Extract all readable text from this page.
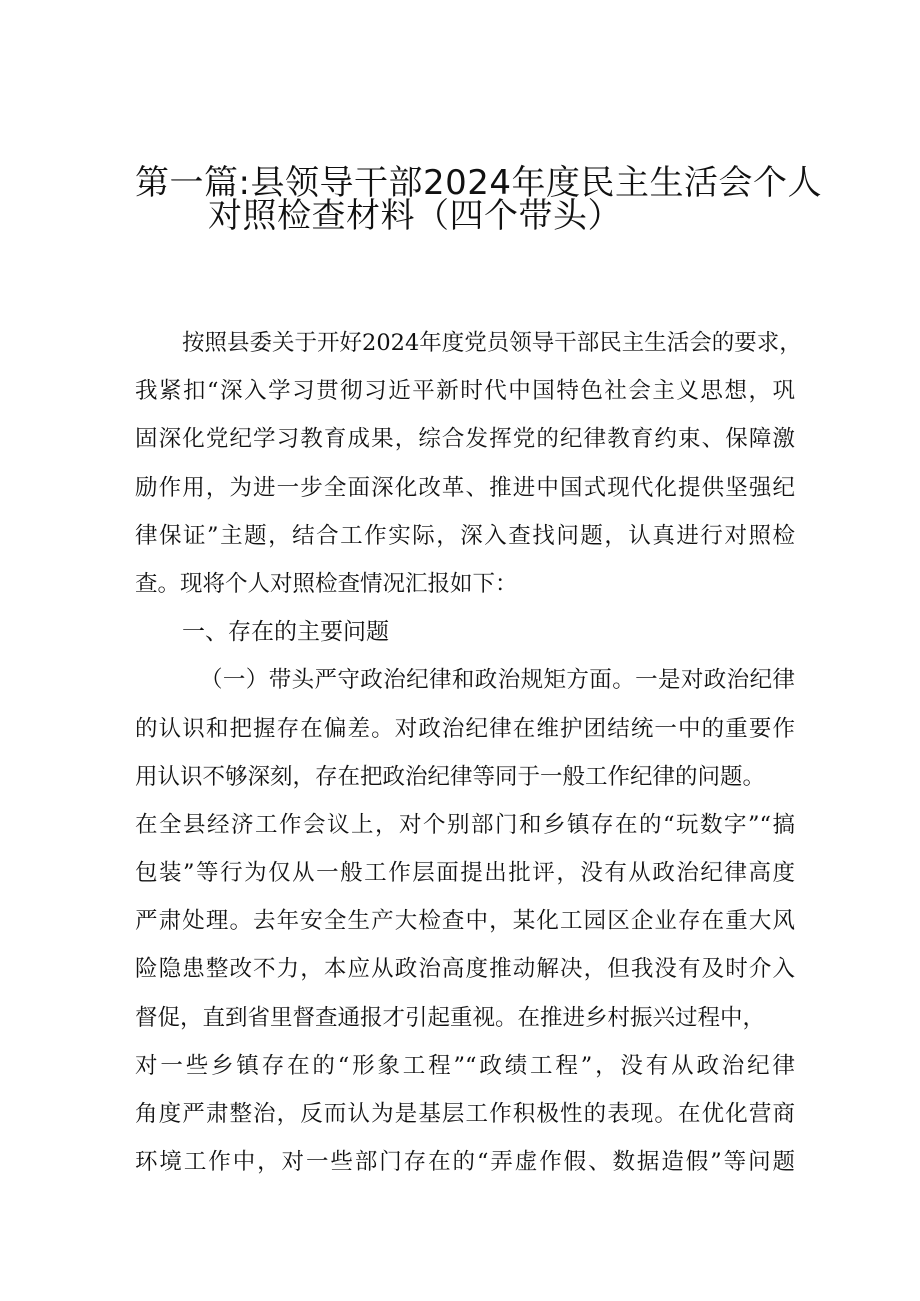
第一篇:县领导干部2024年度民主生活会个人
对照检查材料（四个带头）
按照县委关于开好2024年度党员领导干部民主生活会的要求，
我紧扣“深入学习贯彻习近平新时代中国特色社会主义思想，巩
固深化党纪学习教育成果，综合发挥党的纪律教育约束、保障激
励作用，为进一步全面深化改革、推进中国式现代化提供坚强纪
律保证”主题，结合工作实际，深入查找问题，认真进行对照检
查。现将个人对照检查情况汇报如下：
一、存在的主要问题
（一）带头严守政治纪律和政治规矩方面。一是对政治纪律
的认识和把握存在偏差。对政治纪律在维护团结统一中的重要作
用认识不够深刻，存在把政治纪律等同于一般工作纪律的问题。
在全县经济工作会议上，对个别部门和乡镇存在的“玩数字”“搞
包装”等行为仅从一般工作层面提出批评，没有从政治纪律高度
严肃处理。去年安全生产大检查中，某化工园区企业存在重大风
险隐患整改不力，本应从政治高度推动解决，但我没有及时介入
督促，直到省里督查通报才引起重视。在推进乡村振兴过程中，
对一些乡镇存在的“形象工程”“政绩工程”，没有从政治纪律
角度严肃整治，反而认为是基层工作积极性的表现。在优化营商
环境工作中，对一些部门存在的“弄虚作假、数据造假”等问题
